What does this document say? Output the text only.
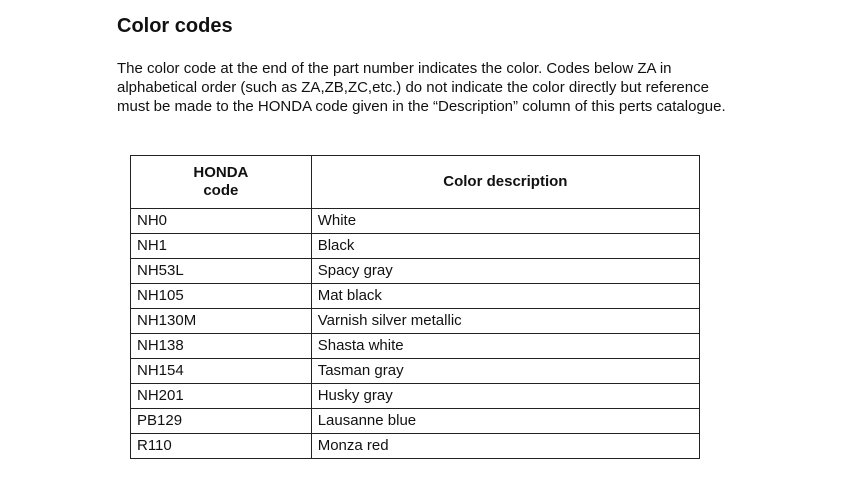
Color codes

The color code at the end of the part number indicates the color. Codes below ZA in alphabetical order (such as ZA,ZB,ZC,etc.) do not indicate the color directly but reference must be made to the HONDA code given in the “Description” column of this perts catalogue.

HONDA
code	Color description
NH0	White
NH1	Black
NH53L	Spacy gray
NH105	Mat black
NH130M	Varnish silver metallic
NH138	Shasta white
NH154	Tasman gray
NH201	Husky gray
PB129	Lausanne blue
R110	Monza red
